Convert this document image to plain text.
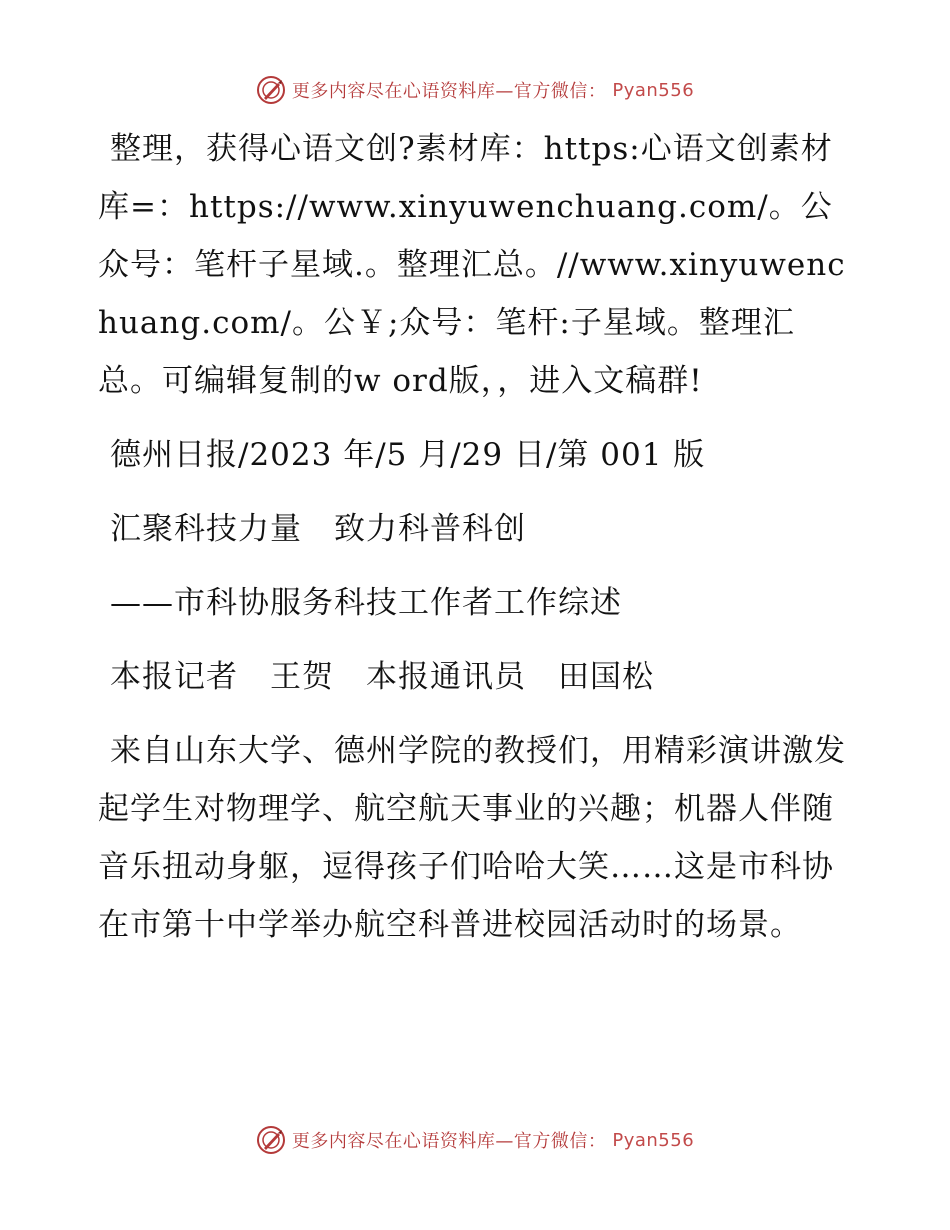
更多内容尽在心语资料库—官方微信： Pyan556

整理，获得心语文创?素材库：https:心语文创素材库=：https://www.xinyuwenchuang.com/。公众号：笔杆子星域.。整理汇总。//www.xinyuwenchuang.com/。公￥;众号：笔杆:子星域。整理汇总。可编辑复制的w ord版，，进入文稿群!

德州日报/2023 年/5 月/29 日/第 001 版

汇聚科技力量　致力科普科创

——市科协服务科技工作者工作综述

本报记者　王贺　本报通讯员　田国松

来自山东大学、德州学院的教授们，用精彩演讲激发起学生对物理学、航空航天事业的兴趣；机器人伴随音乐扭动身躯，逗得孩子们哈哈大笑……这是市科协在市第十中学举办航空科普进校园活动时的场景。

更多内容尽在心语资料库—官方微信： Pyan556
